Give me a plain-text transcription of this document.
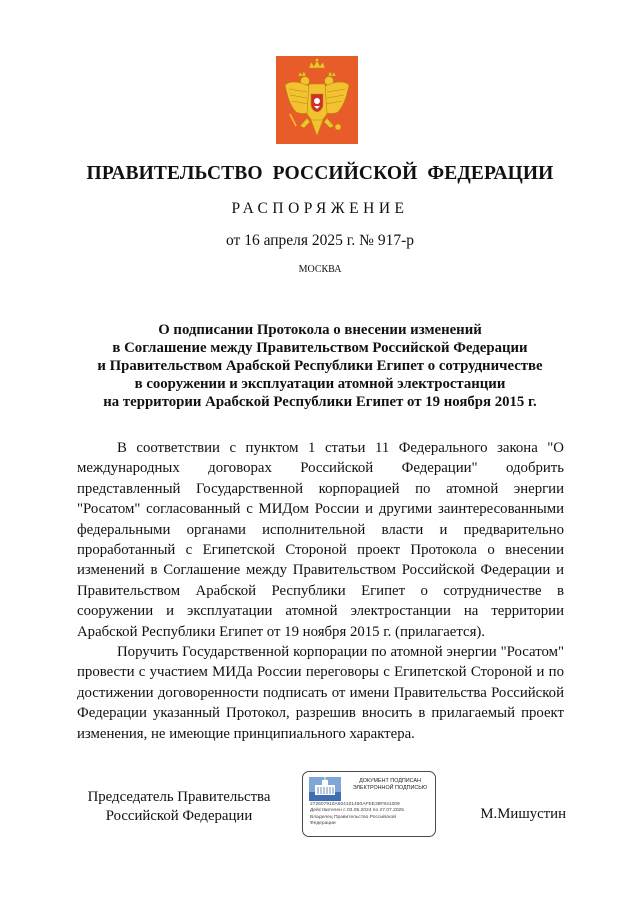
ПРАВИТЕЛЬСТВО РОССИЙСКОЙ ФЕДЕРАЦИИ
РАСПОРЯЖЕНИЕ
от 16 апреля 2025 г. № 917-р
МОСКВА
О подписании Протокола о внесении изменений
в Соглашение между Правительством Российской Федерации
и Правительством Арабской Республики Египет о сотрудничестве
в сооружении и эксплуатации атомной электростанции
на территории Арабской Республики Египет от 19 ноября 2015 г.

В соответствии с пунктом 1 статьи 11 Федерального закона "О международных договорах Российской Федерации" одобрить представленный Государственной корпорацией по атомной энергии "Росатом" согласованный с МИДом России и другими заинтересованными федеральными органами исполнительной власти и предварительно проработанный с Египетской Стороной проект Протокола о внесении изменений в Соглашение между Правительством Российской Федерации и Правительством Арабской Республики Египет о сотрудничестве в сооружении и эксплуатации атомной электростанции на территории Арабской Республики Египет от 19 ноября 2015 г. (прилагается).

Поручить Государственной корпорации по атомной энергии "Росатом" провести с участием МИДа России переговоры с Египетской Стороной и по достижении договоренности подписать от имени Правительства Российской Федерации указанный Протокол, разрешив вносить в прилагаемый проект изменения, не имеющие принципиального характера.

Председатель Правительства
Российской Федерации
ДОКУМЕНТ ПОДПИСАН
ЭЛЕКТРОННОЙ ПОДПИСЬЮ
272607910A604101450AFEE38F841009
Действителен с 03.05.2024 по 27.07.2025
Владелец Правительство Российской
Федерации
М.Мишустин
